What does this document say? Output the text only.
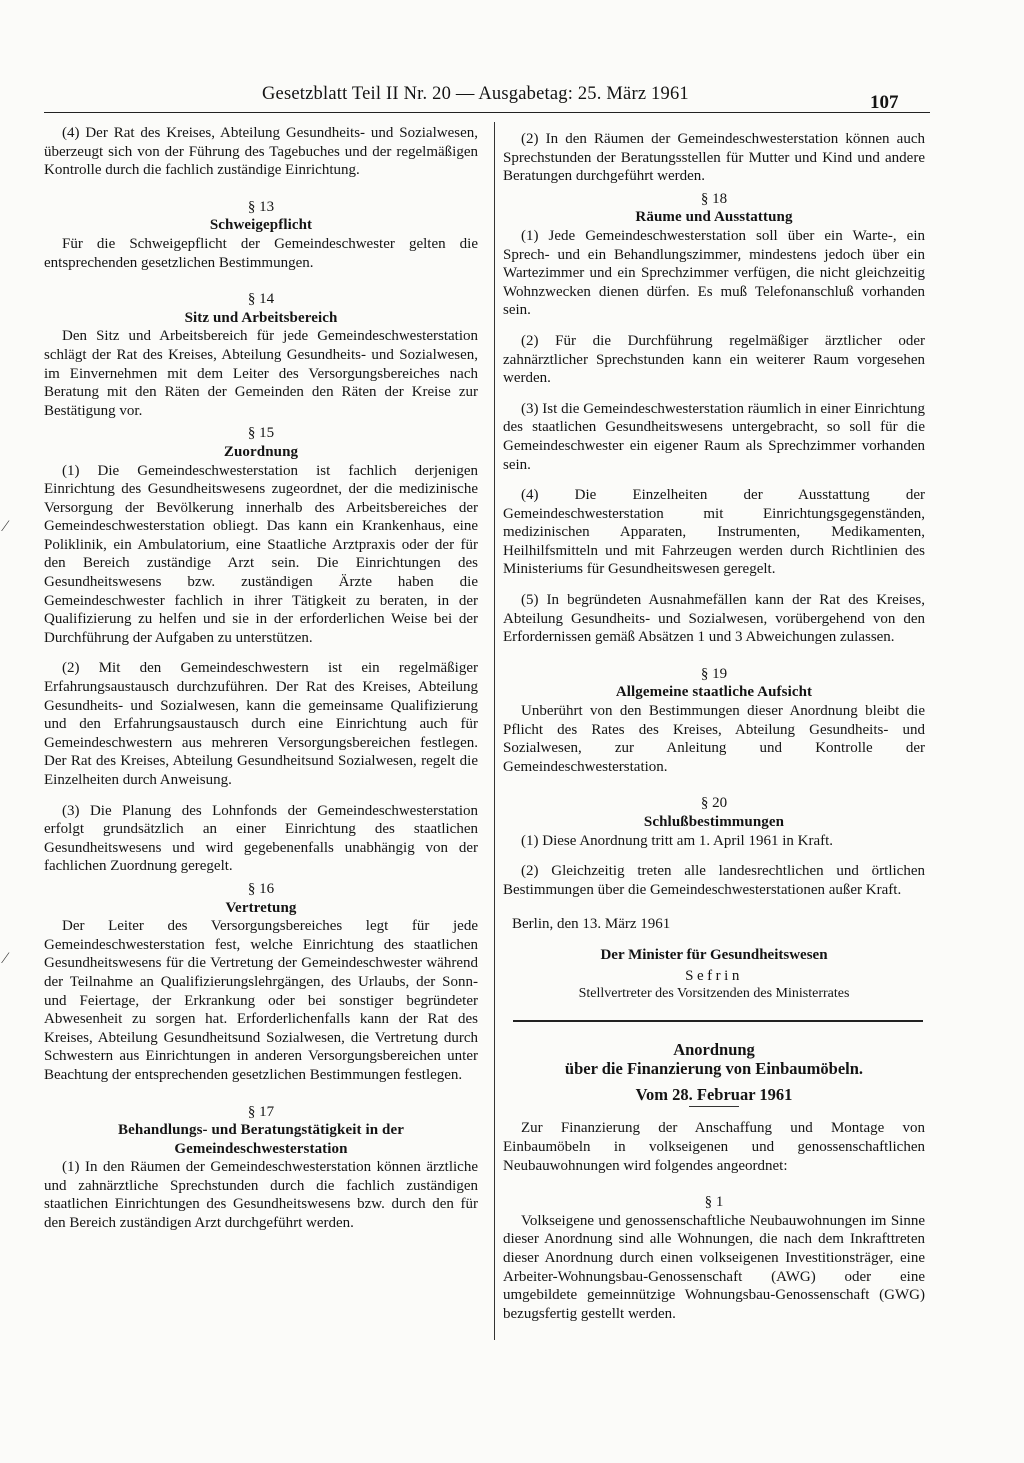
Gesetzblatt Teil II Nr. 20 — Ausgabetag: 25. März 1961	107

(4) Der Rat des Kreises, Abteilung Gesundheits- und Sozialwesen, überzeugt sich von der Führung des Tagebuches und der regelmäßigen Kontrolle durch die fachlich zuständige Einrichtung.

§ 13

Schweigepflicht

Für die Schweigepflicht der Gemeindeschwester gelten die entsprechenden gesetzlichen Bestimmungen.

§ 14

Sitz und Arbeitsbereich

Den Sitz und Arbeitsbereich für jede Gemeindeschwesterstation schlägt der Rat des Kreises, Abteilung Gesundheits- und Sozialwesen, im Einvernehmen mit dem Leiter des Versorgungsbereiches nach Beratung mit den Räten der Gemeinden den Räten der Kreise zur Bestätigung vor.

§ 15

Zuordnung

(1) Die Gemeindeschwesterstation ist fachlich derjenigen Einrichtung des Gesundheitswesens zugeordnet, der die medizinische Versorgung der Bevölkerung innerhalb des Arbeitsbereiches der Gemeindeschwesterstation obliegt. Das kann ein Krankenhaus, eine Poliklinik, ein Ambulatorium, eine Staatliche Arztpraxis oder der für den Bereich zuständige Arzt sein. Die Einrichtungen des Gesundheitswesens bzw. zuständigen Ärzte haben die Gemeindeschwester fachlich in ihrer Tätigkeit zu beraten, in der Qualifizierung zu helfen und sie in der erforderlichen Weise bei der Durchführung der Aufgaben zu unterstützen.

(2) Mit den Gemeindeschwestern ist ein regelmäßiger Erfahrungsaustausch durchzuführen. Der Rat des Kreises, Abteilung Gesundheits- und Sozialwesen, kann die gemeinsame Qualifizierung und den Erfahrungsaustausch durch eine Einrichtung auch für Gemeindeschwestern aus mehreren Versorgungsbereichen festlegen. Der Rat des Kreises, Abteilung Gesundheitsund Sozialwesen, regelt die Einzelheiten durch Anweisung.

(3) Die Planung des Lohnfonds der Gemeindeschwesterstation erfolgt grundsätzlich an einer Einrichtung des staatlichen Gesundheitswesens und wird gegebenenfalls unabhängig von der fachlichen Zuordnung geregelt.

§ 16

Vertretung

Der Leiter des Versorgungsbereiches legt für jede Gemeindeschwesterstation fest, welche Einrichtung des staatlichen Gesundheitswesens für die Vertretung der Gemeindeschwester während der Teilnahme an Qualifizierungslehrgängen, des Urlaubs, der Sonn- und Feiertage, der Erkrankung oder bei sonstiger begründeter Abwesenheit zu sorgen hat. Erforderlichenfalls kann der Rat des Kreises, Abteilung Gesundheitsund Sozialwesen, die Vertretung durch Schwestern aus Einrichtungen in anderen Versorgungsbereichen unter Beachtung der entsprechenden gesetzlichen Bestimmungen festlegen.

§ 17

Behandlungs- und Beratungstätigkeit in der Gemeindeschwesterstation

(1) In den Räumen der Gemeindeschwesterstation können ärztliche und zahnärztliche Sprechstunden durch die fachlich zuständigen staatlichen Einrichtungen des Gesundheitswesens bzw. durch den für den Bereich zuständigen Arzt durchgeführt werden.

(2) In den Räumen der Gemeindeschwesterstation können auch Sprechstunden der Beratungsstellen für Mutter und Kind und andere Beratungen durchgeführt werden.

§ 18

Räume und Ausstattung

(1) Jede Gemeindeschwesterstation soll über ein Warte-, ein Sprech- und ein Behandlungszimmer, mindestens jedoch über ein Wartezimmer und ein Sprechzimmer verfügen, die nicht gleichzeitig Wohnzwecken dienen dürfen. Es muß Telefonanschluß vorhanden sein.

(2) Für die Durchführung regelmäßiger ärztlicher oder zahnärztlicher Sprechstunden kann ein weiterer Raum vorgesehen werden.

(3) Ist die Gemeindeschwesterstation räumlich in einer Einrichtung des staatlichen Gesundheitswesens untergebracht, so soll für die Gemeindeschwester ein eigener Raum als Sprechzimmer vorhanden sein.

(4) Die Einzelheiten der Ausstattung der Gemeindeschwesterstation mit Einrichtungsgegenständen, medizinischen Apparaten, Instrumenten, Medikamenten, Heilhilfsmitteln und mit Fahrzeugen werden durch Richtlinien des Ministeriums für Gesundheitswesen geregelt.

(5) In begründeten Ausnahmefällen kann der Rat des Kreises, Abteilung Gesundheits- und Sozialwesen, vorübergehend von den Erfordernissen gemäß Absätzen 1 und 3 Abweichungen zulassen.

§ 19

Allgemeine staatliche Aufsicht

Unberührt von den Bestimmungen dieser Anordnung bleibt die Pflicht des Rates des Kreises, Abteilung Gesundheits- und Sozialwesen, zur Anleitung und Kontrolle der Gemeindeschwesterstation.

§ 20

Schlußbestimmungen

(1) Diese Anordnung tritt am 1. April 1961 in Kraft.

(2) Gleichzeitig treten alle landesrechtlichen und örtlichen Bestimmungen über die Gemeindeschwesterstationen außer Kraft.

Berlin, den 13. März 1961

Der Minister für Gesundheitswesen

Sefrin

Stellvertreter des Vorsitzenden des Ministerrates

Anordnung
über die Finanzierung von Einbaumöbeln.

Vom 28. Februar 1961

Zur Finanzierung der Anschaffung und Montage von Einbaumöbeln in volkseigenen und genossenschaftlichen Neubauwohnungen wird folgendes angeordnet:

§ 1

Volkseigene und genossenschaftliche Neubauwohnungen im Sinne dieser Anordnung sind alle Wohnungen, die nach dem Inkrafttreten dieser Anordnung durch einen volkseigenen Investitionsträger, eine Arbeiter-Wohnungsbau-Genossenschaft (AWG) oder eine umgebildete gemeinnützige Wohnungsbau-Genossenschaft (GWG) bezugsfertig gestellt werden.

⁄
⁄
